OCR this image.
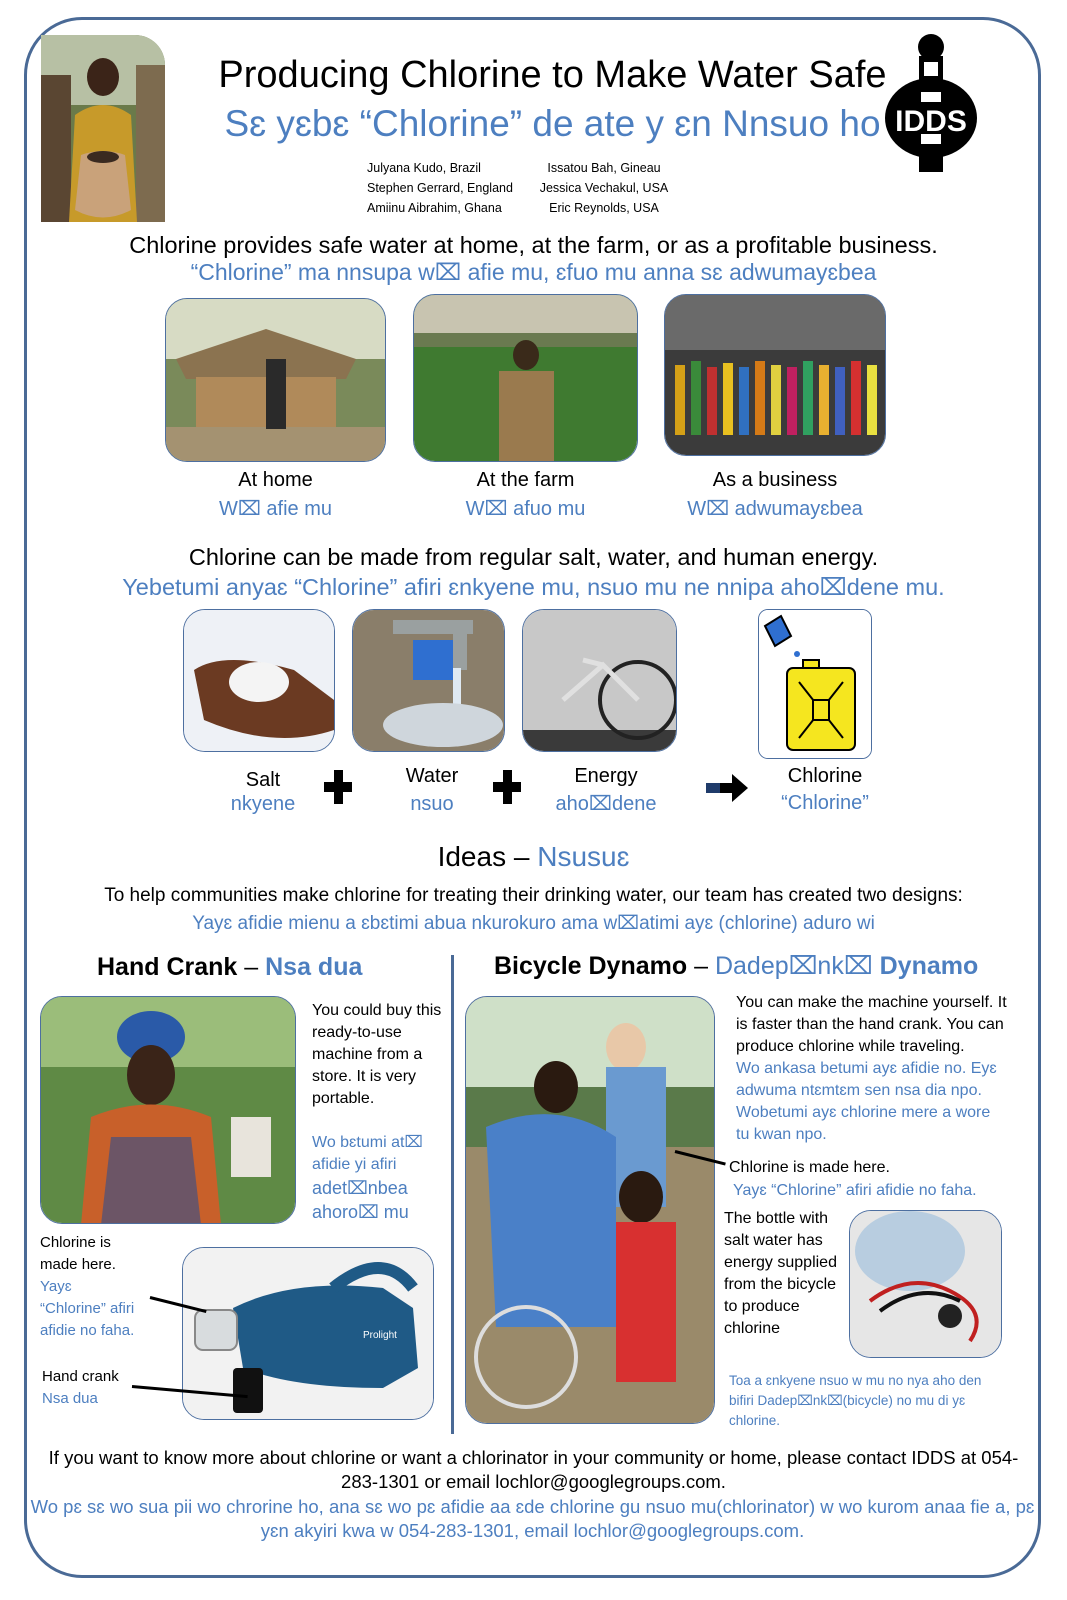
Producing Chlorine to Make Water Safe
Sɛ yɛbɛ “Chlorine” de ate y ɛn Nnsuo ho IDDS
Julyana Kudo, Brazil
Stephen Gerrard, England
Amiinu Aibrahim, Ghana
Issatou Bah, Gineau
Jessica Vechakul, USA
Eric Reynolds, USA
Chlorine provides safe water at home, at the farm, or as a profitable business.
“Chlorine” ma nnsupa w⌧ afie mu, ɛfuo mu anna sɛ adwumayɛbea
At home
W⌧ afie mu
At the farm
W⌧ afuo mu
As a business
W⌧ adwumayɛbea
Chlorine can be made from regular salt, water, and human energy.
Yebetumi anyaɛ “Chlorine” afiri ɛnkyene mu, nsuo mu ne nnipa aho⌧dene mu.
Salt
nkyene
Water
nsuo
Energy
aho⌧dene
Chlorine
“Chlorine”
Ideas – Nsusuɛ
To help communities make chlorine for treating their drinking water, our team has created two designs:
Yayɛ afidie mienu a ɛbɛtimi abua nkurokuro ama w⌧atimi ayɛ (chlorine) aduro wi
Hand Crank – Nsa dua
You could buy this ready-to-use machine from a store. It is very portable.
Wo bɛtumi at⌧ afidie yi afiri
adet⌧nbea ahoro⌧ mu
Chlorine is made here.
Yayɛ “Chlorine” afiri afidie no faha.
Hand crank
Nsa dua
Prolight
Bicycle Dynamo – Dadep⌧nk⌧ Dynamo
You can make the machine yourself. It is faster than the hand crank. You can produce chlorine while traveling.
Wo ankasa betumi ayɛ afidie no. Eyɛ adwuma ntɛmtɛm sen nsa dia npo. Wobetumi ayɛ chlorine mere a wore tu kwan npo.
Chlorine is made here.
Yayɛ “Chlorine” afiri afidie no faha.
The bottle with salt water has energy supplied from the bicycle to produce chlorine
Toa a ɛnkyene nsuo w mu no nya aho den bifiri Dadep⌧nk⌧(bicycle) no mu di yɛ chlorine.
If you want to know more about chlorine or want a chlorinator in your community or home, please contact IDDS at 054-283-1301 or email lochlor@googlegroups.com.
Wo pɛ sɛ wo sua pii wo chrorine ho, ana sɛ wo pɛ afidie aa ɛde chlorine gu nsuo mu(chlorinator) w wo kurom anaa fie a, pɛ yɛn akyiri kwa w 054-283-1301, email lochlor@googlegroups.com.
